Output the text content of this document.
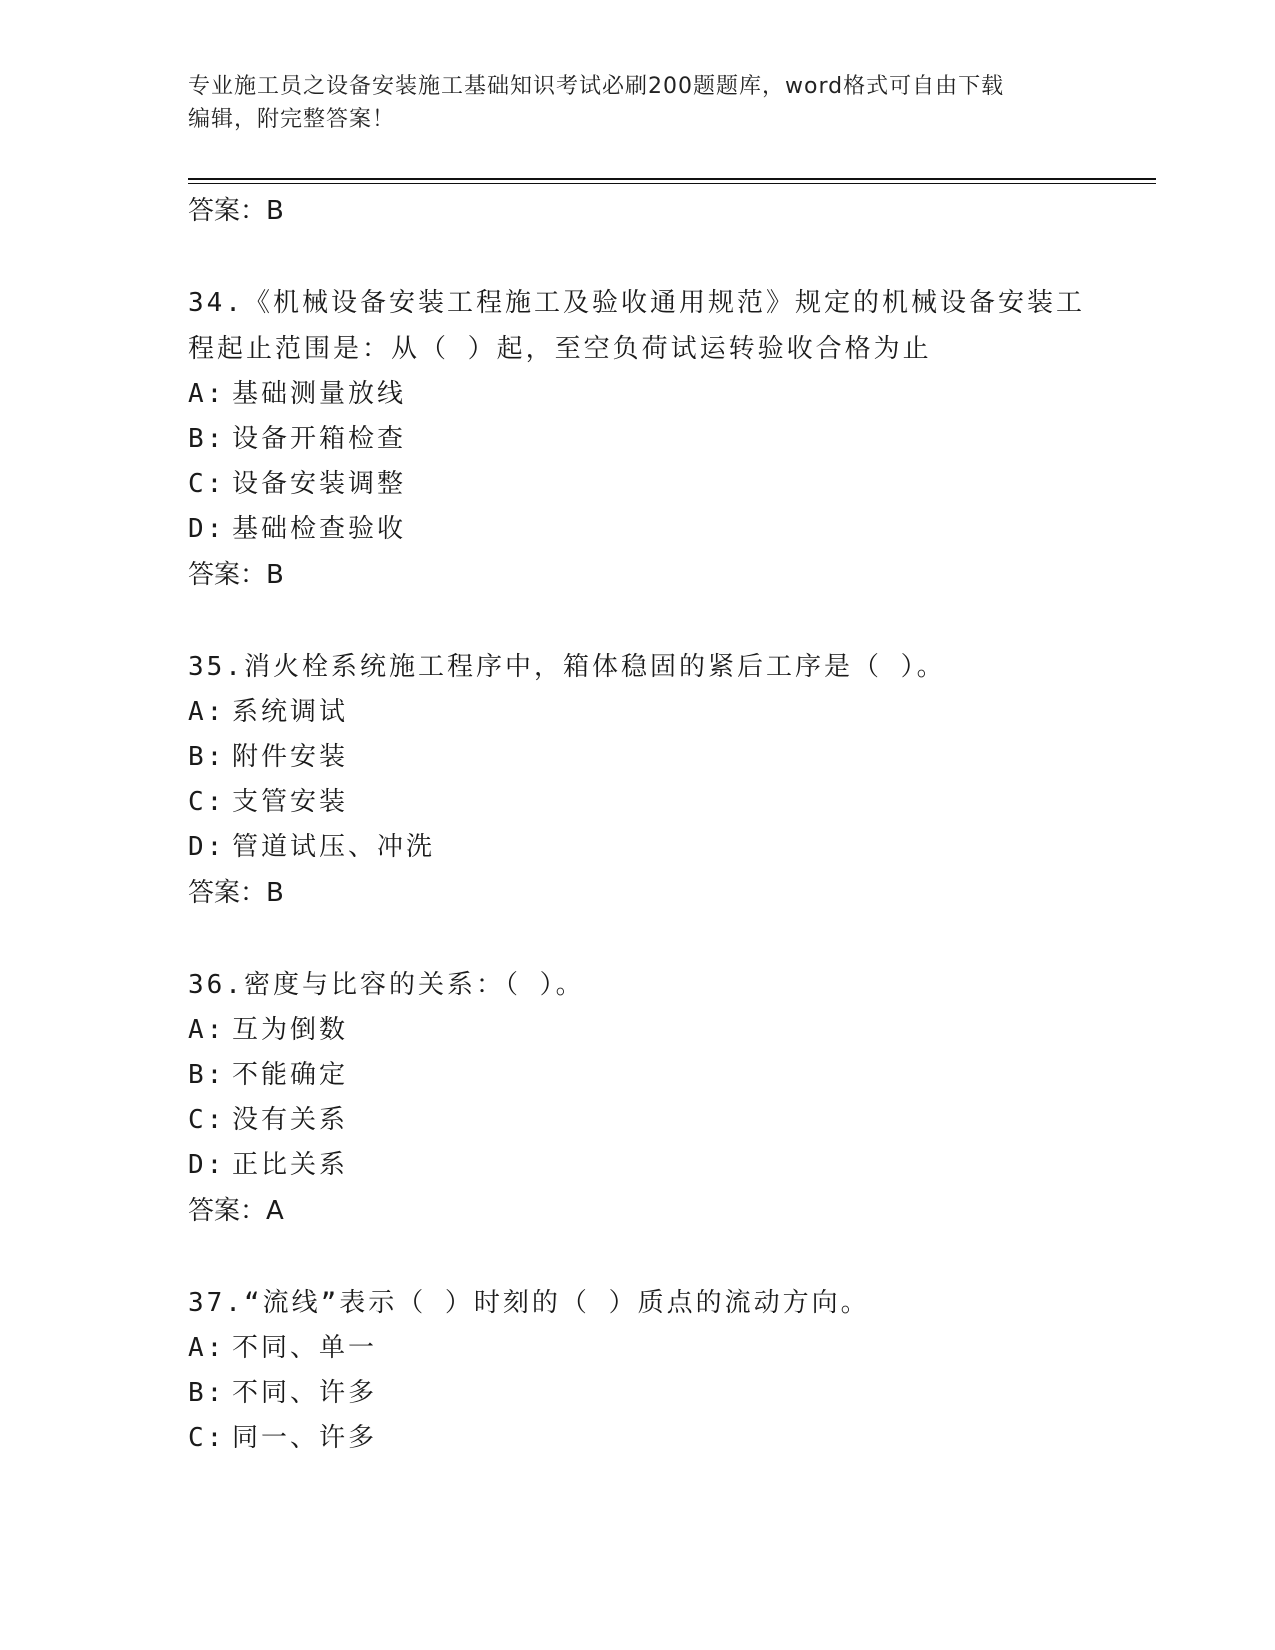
专业施工员之设备安装施工基础知识考试必刷200题题库，word格式可自由下载
编辑，附完整答案！
答案：B
34.《机械设备安装工程施工及验收通用规范》规定的机械设备安装工
程起止范围是：从（ ）起，至空负荷试运转验收合格为止
A: 基础测量放线
B: 设备开箱检查
C: 设备安装调整
D: 基础检查验收
答案：B
35.消火栓系统施工程序中，箱体稳固的紧后工序是（ ）。
A: 系统调试
B: 附件安装
C: 支管安装
D: 管道试压、冲洗
答案：B
36.密度与比容的关系：（ ）。
A: 互为倒数
B: 不能确定
C: 没有关系
D: 正比关系
答案：A
37.“流线”表示（ ）时刻的（ ）质点的流动方向。
A: 不同、单一
B: 不同、许多
C: 同一、许多
